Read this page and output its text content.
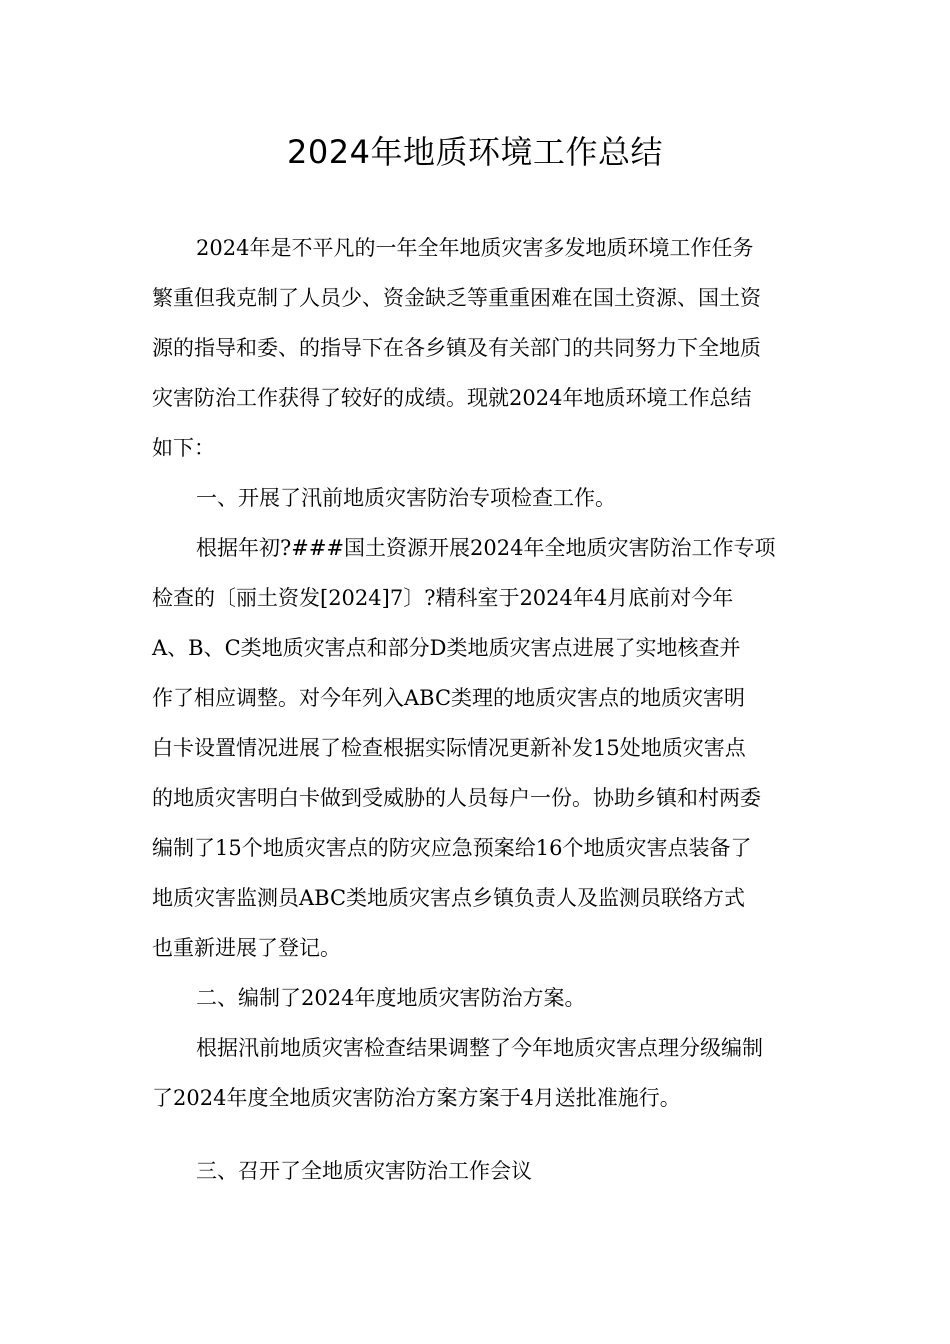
2024年地质环境工作总结

2024年是不平凡的一年全年地质灾害多发地质环境工作任务

繁重但我克制了人员少、资金缺乏等重重困难在国土资源、国土资

源的指导和委、的指导下在各乡镇及有关部门的共同努力下全地质

灾害防治工作获得了较好的成绩。现就2024年地质环境工作总结

如下：

一、开展了汛前地质灾害防治专项检查工作。

根据年初?###国土资源开展2024年全地质灾害防治工作专项

检查的〔丽土资发[2024]7〕?精科室于2024年4月底前对今年

A、B、C类地质灾害点和部分D类地质灾害点进展了实地核查并

作了相应调整。对今年列入ABC类理的地质灾害点的地质灾害明

白卡设置情况进展了检查根据实际情况更新补发15处地质灾害点

的地质灾害明白卡做到受威胁的人员每户一份。协助乡镇和村两委

编制了15个地质灾害点的防灾应急预案给16个地质灾害点装备了

地质灾害监测员ABC类地质灾害点乡镇负责人及监测员联络方式

也重新进展了登记。

二、编制了2024年度地质灾害防治方案。

根据汛前地质灾害检查结果调整了今年地质灾害点理分级编制

了2024年度全地质灾害防治方案方案于4月送批准施行。

三、召开了全地质灾害防治工作会议
